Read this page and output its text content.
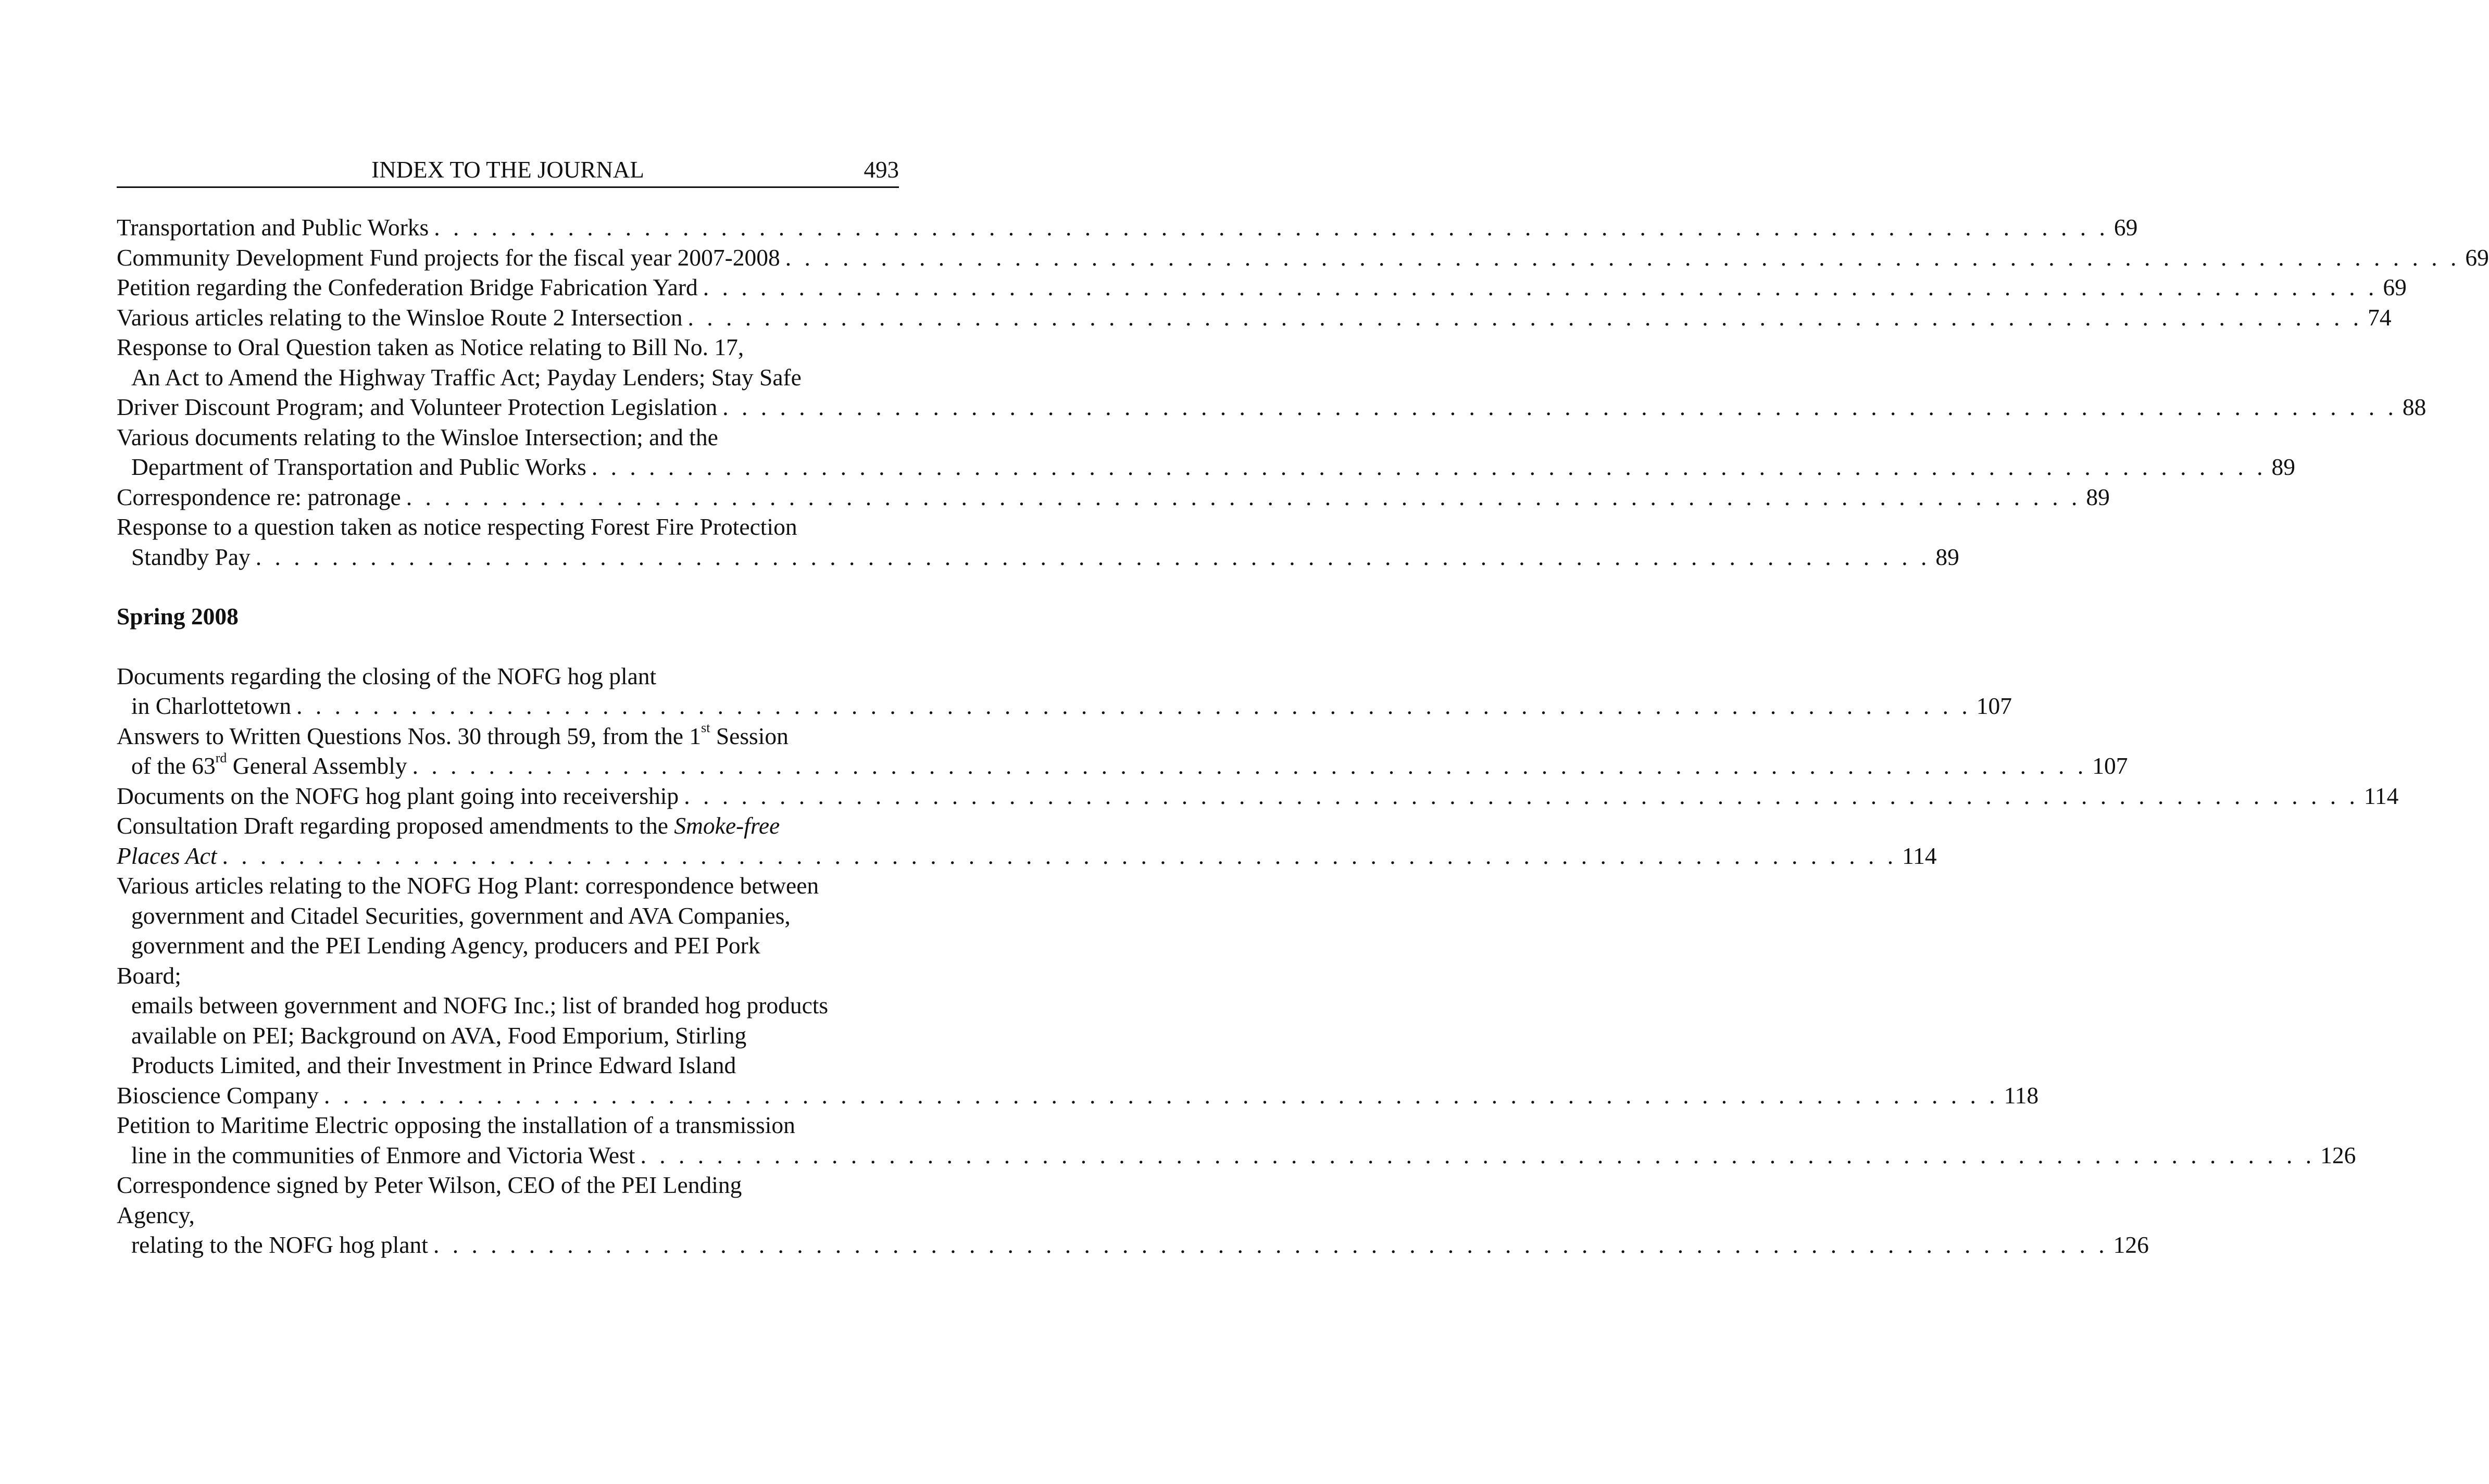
INDEX TO THE JOURNAL	493
Transportation and Public Works . . . . . . . . . . . . . . . . . . . . . . . . . . . . . . . . . . . . . . . . . . . . . . . . . . . . . . . . . . . . . . . . . . . . . . . . . . . . . . . . . . . . . . . . 69
Community Development Fund projects for the fiscal year 2007-2008 . . . . . . . . . . . . . . . . . . . . . . . . . . . . . . . . . . . . . . . . . . . . . . . . . . . . . . . . . . . . . . . . . . . . . . . . . . . . . . . . . . . . . . . . 69
Petition regarding the Confederation Bridge Fabrication Yard . . . . . . . . . . . . . . . . . . . . . . . . . . . . . . . . . . . . . . . . . . . . . . . . . . . . . . . . . . . . . . . . . . . . . . . . . . . . . . . . . . . . . . . . 69
Various articles relating to the Winsloe Route 2 Intersection . . . . . . . . . . . . . . . . . . . . . . . . . . . . . . . . . . . . . . . . . . . . . . . . . . . . . . . . . . . . . . . . . . . . . . . . . . . . . . . . . . . . . . . . 74
Response to Oral Question taken as Notice relating to Bill No. 17,
An Act to Amend the Highway Traffic Act; Payday Lenders; Stay Safe
Driver Discount Program; and Volunteer Protection Legislation . . . . . . . . . . . . . . . . . . . . . . . . . . . . . . . . . . . . . . . . . . . . . . . . . . . . . . . . . . . . . . . . . . . . . . . . . . . . . . . . . . . . . . . . 88
Various documents relating to the Winsloe Intersection; and the
Department of Transportation and Public Works . . . . . . . . . . . . . . . . . . . . . . . . . . . . . . . . . . . . . . . . . . . . . . . . . . . . . . . . . . . . . . . . . . . . . . . . . . . . . . . . . . . . . . . . 89
Correspondence re: patronage . . . . . . . . . . . . . . . . . . . . . . . . . . . . . . . . . . . . . . . . . . . . . . . . . . . . . . . . . . . . . . . . . . . . . . . . . . . . . . . . . . . . . . . . 89
Response to a question taken as notice respecting Forest Fire Protection
Standby Pay . . . . . . . . . . . . . . . . . . . . . . . . . . . . . . . . . . . . . . . . . . . . . . . . . . . . . . . . . . . . . . . . . . . . . . . . . . . . . . . . . . . . . . . . 89
Spring 2008
Documents regarding the closing of the NOFG hog plant
in Charlottetown . . . . . . . . . . . . . . . . . . . . . . . . . . . . . . . . . . . . . . . . . . . . . . . . . . . . . . . . . . . . . . . . . . . . . . . . . . . . . . . . . . . . . . . . 107
Answers to Written Questions Nos. 30 through 59, from the 1st Session
of the 63rd General Assembly . . . . . . . . . . . . . . . . . . . . . . . . . . . . . . . . . . . . . . . . . . . . . . . . . . . . . . . . . . . . . . . . . . . . . . . . . . . . . . . . . . . . . . . . 107
Documents on the NOFG hog plant going into receivership . . . . . . . . . . . . . . . . . . . . . . . . . . . . . . . . . . . . . . . . . . . . . . . . . . . . . . . . . . . . . . . . . . . . . . . . . . . . . . . . . . . . . . . . 114
Consultation Draft regarding proposed amendments to the Smoke-free
Places Act . . . . . . . . . . . . . . . . . . . . . . . . . . . . . . . . . . . . . . . . . . . . . . . . . . . . . . . . . . . . . . . . . . . . . . . . . . . . . . . . . . . . . . . . 114
Various articles relating to the NOFG Hog Plant: correspondence between
government and Citadel Securities, government and AVA Companies,
government and the PEI Lending Agency, producers and PEI Pork
Board;
emails between government and NOFG Inc.; list of branded hog products
available on PEI; Background on AVA, Food Emporium, Stirling
Products Limited, and their Investment in Prince Edward Island
Bioscience Company . . . . . . . . . . . . . . . . . . . . . . . . . . . . . . . . . . . . . . . . . . . . . . . . . . . . . . . . . . . . . . . . . . . . . . . . . . . . . . . . . . . . . . . . 118
Petition to Maritime Electric opposing the installation of a transmission
line in the communities of Enmore and Victoria West . . . . . . . . . . . . . . . . . . . . . . . . . . . . . . . . . . . . . . . . . . . . . . . . . . . . . . . . . . . . . . . . . . . . . . . . . . . . . . . . . . . . . . . . 126
Correspondence signed by Peter Wilson, CEO of the PEI Lending
Agency,
relating to the NOFG hog plant . . . . . . . . . . . . . . . . . . . . . . . . . . . . . . . . . . . . . . . . . . . . . . . . . . . . . . . . . . . . . . . . . . . . . . . . . . . . . . . . . . . . . . . . 126
